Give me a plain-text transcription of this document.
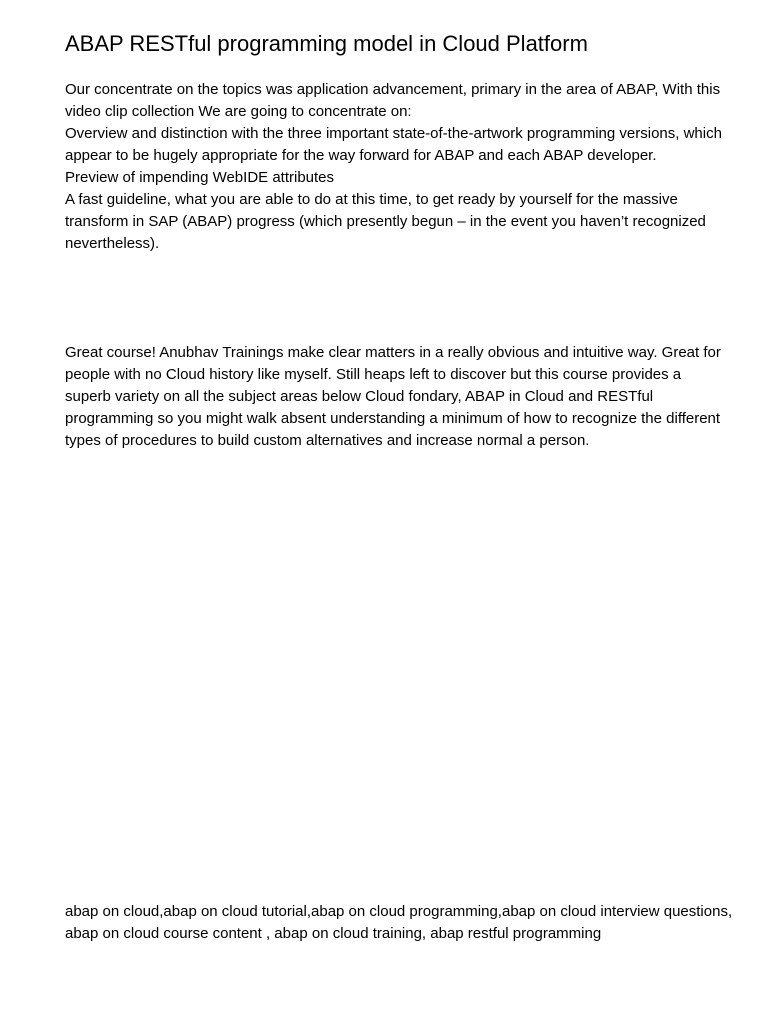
ABAP RESTful programming model in Cloud Platform

Our concentrate on the topics was application advancement, primary in the area of ABAP, With this video clip collection We are going to concentrate on:

Overview and distinction with the three important state-of-the-artwork programming versions, which appear to be hugely appropriate for the way forward for ABAP and each ABAP developer.

Preview of impending WebIDE attributes

A fast guideline, what you are able to do at this time, to get ready by yourself for the massive transform in SAP (ABAP) progress (which presently begun – in the event you haven’t recognized nevertheless).

Great course! Anubhav Trainings make clear matters in a really obvious and intuitive way. Great for people with no Cloud history like myself. Still heaps left to discover but this course provides a superb variety on all the subject areas below Cloud fondary, ABAP in Cloud and RESTful programming so you might walk absent understanding a minimum of how to recognize the different types of procedures to build custom alternatives and increase normal a person.

abap on cloud,abap on cloud tutorial,abap on cloud programming,abap on cloud interview questions, abap on cloud course content , abap on cloud training, abap restful programming
